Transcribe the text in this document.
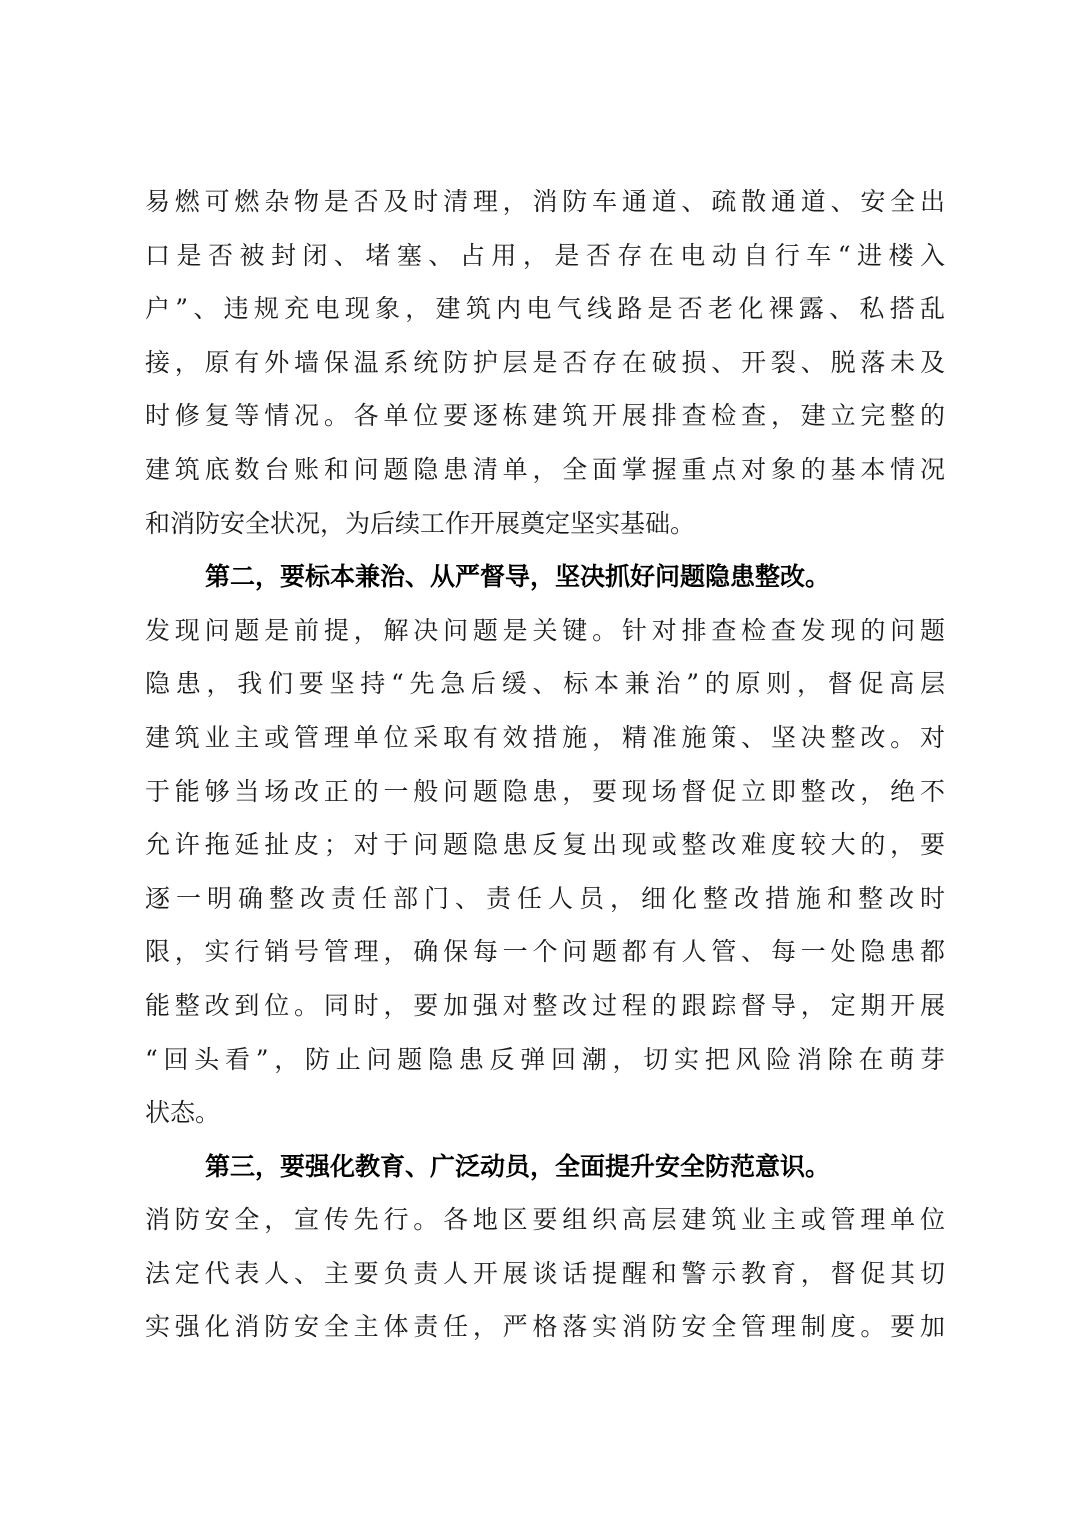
易燃可燃杂物是否及时清理，消防车通道、疏散通道、安全出
口是否被封闭、堵塞、占用，是否存在电动自行车“进楼入
户”、违规充电现象，建筑内电气线路是否老化裸露、私搭乱
接，原有外墙保温系统防护层是否存在破损、开裂、脱落未及
时修复等情况。各单位要逐栋建筑开展排查检查，建立完整的
建筑底数台账和问题隐患清单，全面掌握重点对象的基本情况
和消防安全状况，为后续工作开展奠定坚实基础。
第二，要标本兼治、从严督导，坚决抓好问题隐患整改。
发现问题是前提，解决问题是关键。针对排查检查发现的问题
隐患，我们要坚持“先急后缓、标本兼治”的原则，督促高层
建筑业主或管理单位采取有效措施，精准施策、坚决整改。对
于能够当场改正的一般问题隐患，要现场督促立即整改，绝不
允许拖延扯皮；对于问题隐患反复出现或整改难度较大的，要
逐一明确整改责任部门、责任人员，细化整改措施和整改时
限，实行销号管理，确保每一个问题都有人管、每一处隐患都
能整改到位。同时，要加强对整改过程的跟踪督导，定期开展
“回头看”，防止问题隐患反弹回潮，切实把风险消除在萌芽
状态。
第三，要强化教育、广泛动员，全面提升安全防范意识。
消防安全，宣传先行。各地区要组织高层建筑业主或管理单位
法定代表人、主要负责人开展谈话提醒和警示教育，督促其切
实强化消防安全主体责任，严格落实消防安全管理制度。要加
